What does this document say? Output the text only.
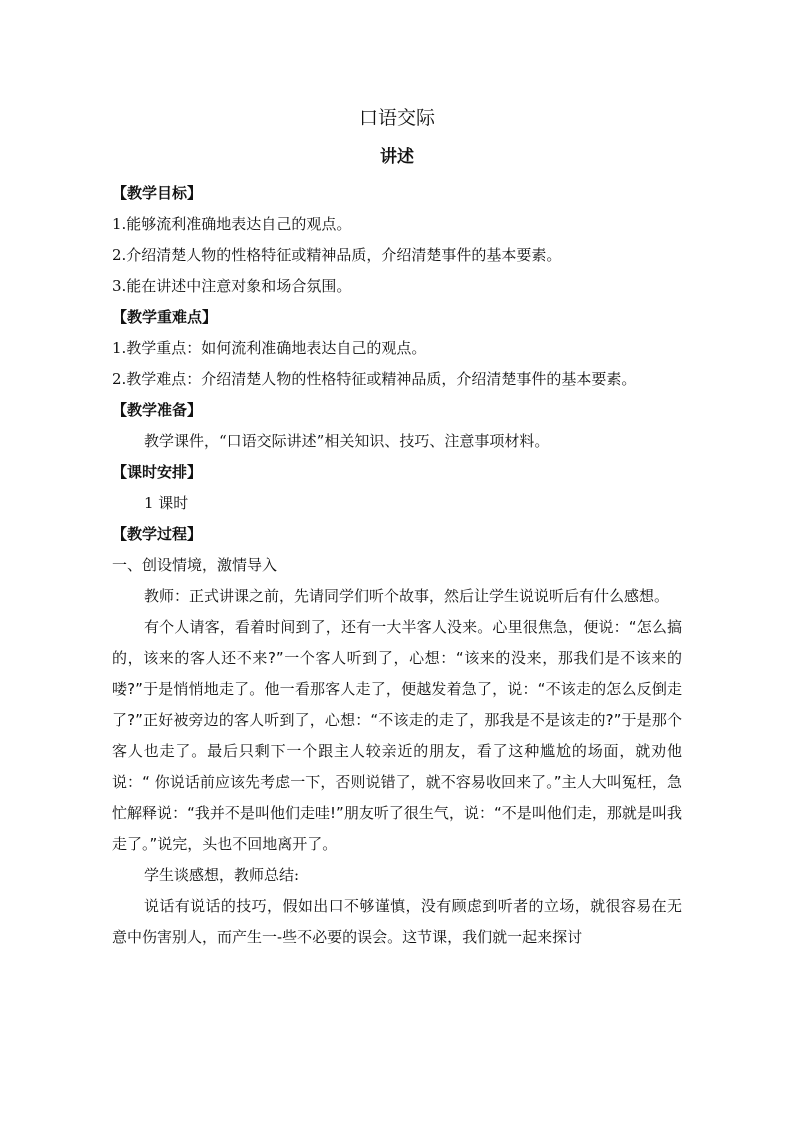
口语交际
讲述

【教学目标】

1.能够流利准确地表达自己的观点。

2.介绍清楚人物的性格特征或精神品质，介绍清楚事件的基本要素。

3.能在讲述中注意对象和场合氛围。

【教学重难点】

1.教学重点：如何流利准确地表达自己的观点。

2.教学难点：介绍清楚人物的性格特征或精神品质，介绍清楚事件的基本要素。

【教学准备】

教学课件，“口语交际讲述”相关知识、技巧、注意事项材料。

【课时安排】

1 课时

【教学过程】

一、创设情境，激情导入

教师：正式讲课之前，先请同学们听个故事，然后让学生说说听后有什么感想。

有个人请客，看着时间到了，还有一大半客人没来。心里很焦急，便说：“怎么搞的，该来的客人还不来?”一个客人听到了，心想：“该来的没来，那我们是不该来的喽?”于是悄悄地走了。他一看那客人走了，便越发着急了，说：“不该走的怎么反倒走了?”正好被旁边的客人听到了，心想：“不该走的走了，那我是不是该走的?”于是那个客人也走了。最后只剩下一个跟主人较亲近的朋友，看了这种尴尬的场面，就劝他说：“ 你说话前应该先考虑一下，否则说错了，就不容易收回来了。”主人大叫冤枉，急忙解释说：“我并不是叫他们走哇!”朋友听了很生气，说：“不是叫他们走，那就是叫我走了。”说完，头也不回地离开了。

学生谈感想，教师总结:

说话有说话的技巧，假如出口不够谨慎，没有顾虑到听者的立场，就很容易在无意中伤害别人，而产生一-些不必要的误会。这节课，我们就一起来探讨
